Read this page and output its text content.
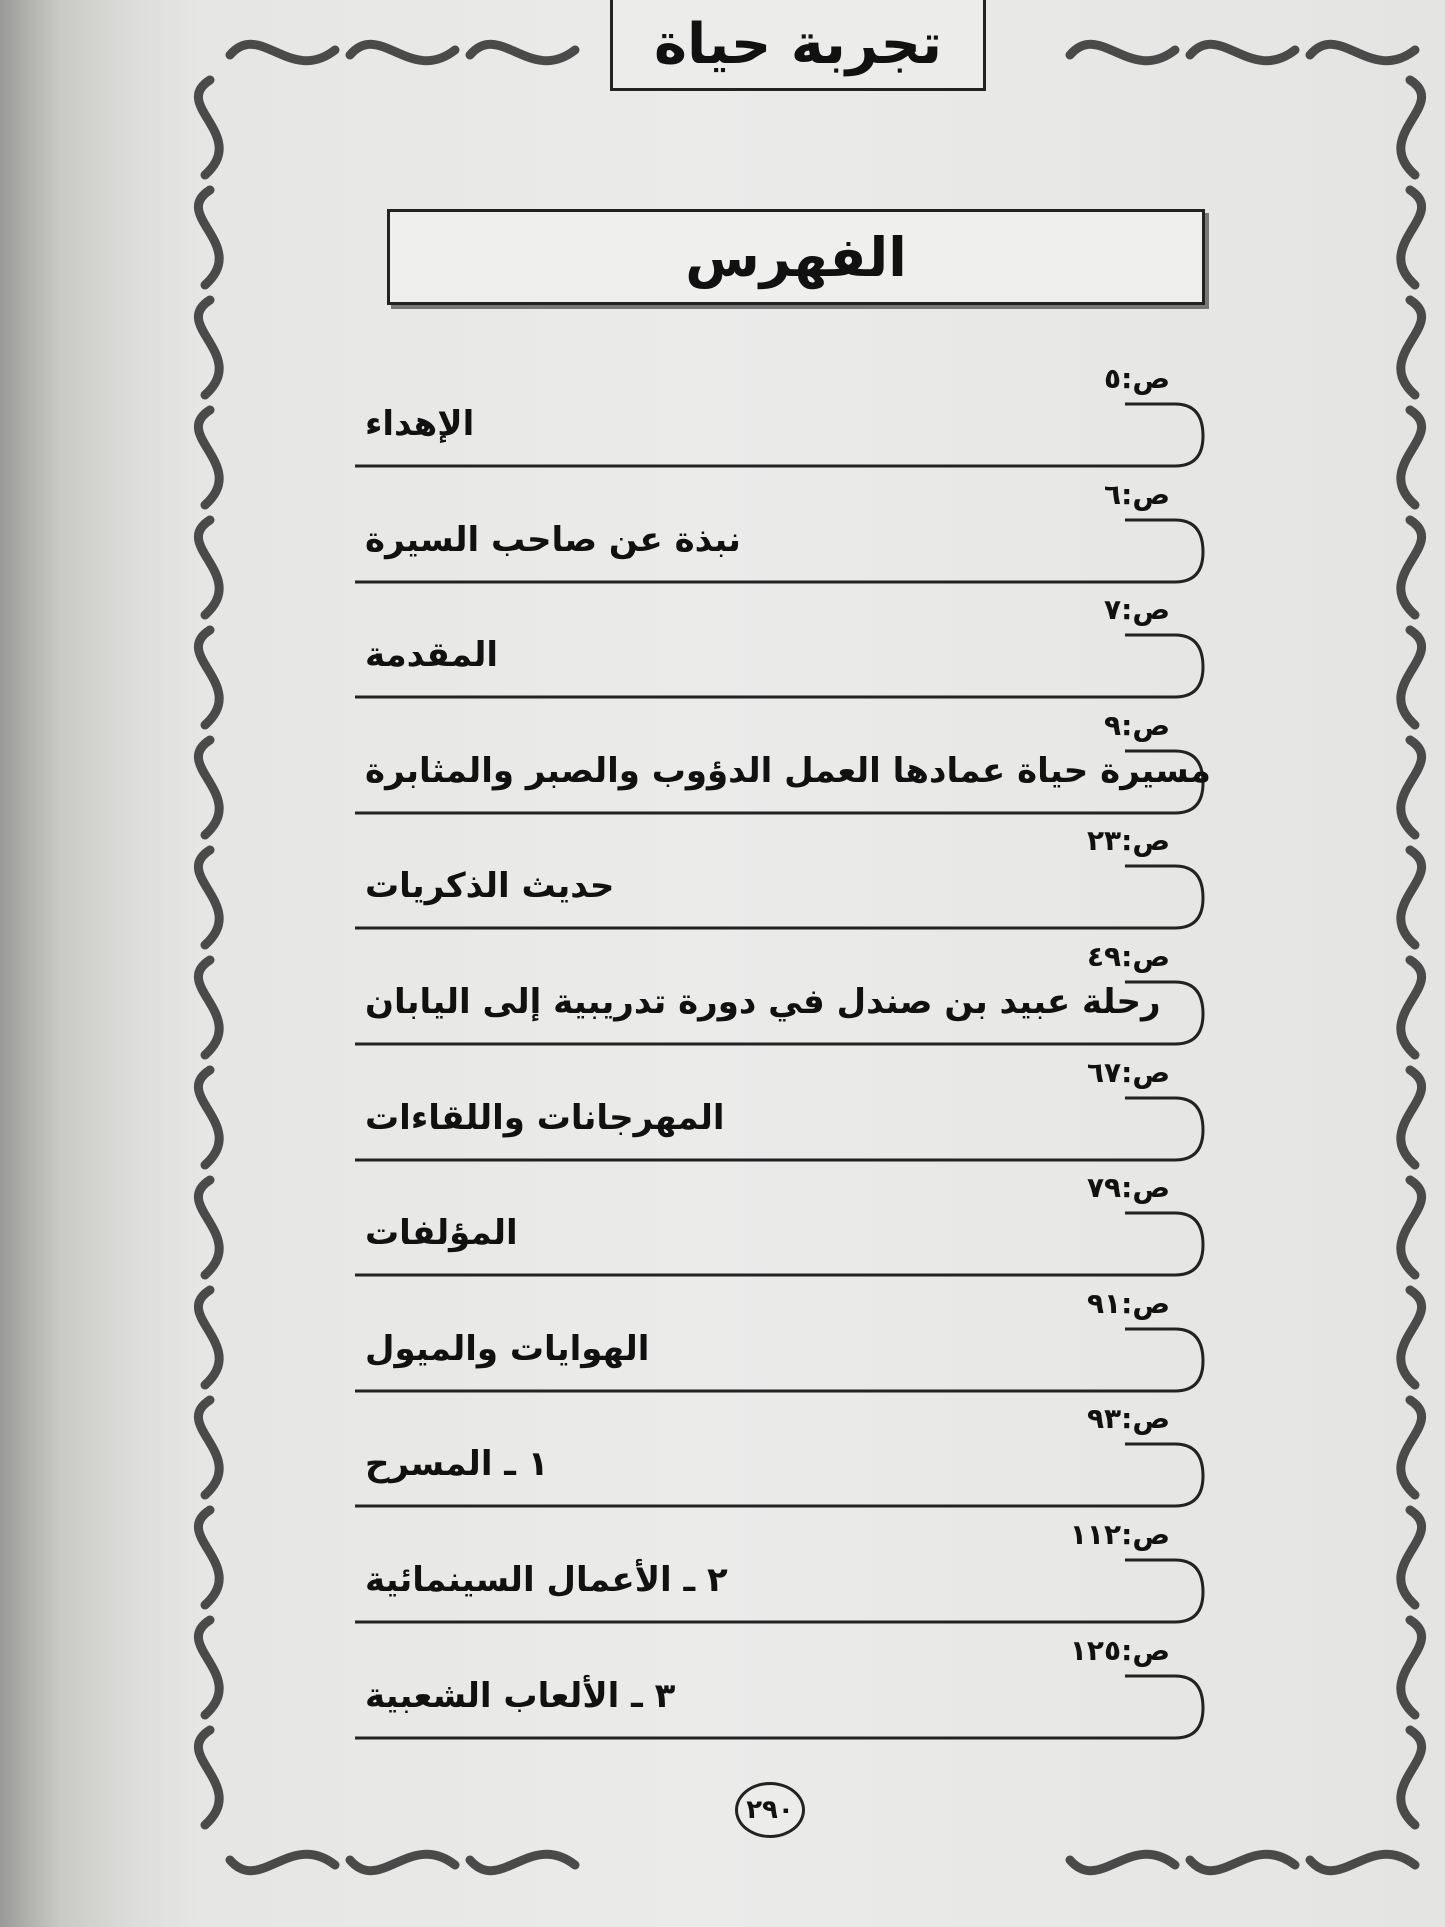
تجربة حياة
الفهرس
ص:٥
الإهداء
ص:٦
نبذة عن صاحب السيرة
ص:٧
المقدمة
ص:٩
مسيرة حياة عمادها العمل الدؤوب والصبر والمثابرة
ص:٢٣
حديث الذكريات
ص:٤٩
رحلة عبيد بن صندل في دورة تدريبية إلى اليابان
ص:٦٧
المهرجانات واللقاءات
ص:٧٩
المؤلفات
ص:٩١
الهوايات والميول
ص:٩٣
١ ـ المسرح
ص:١١٢
٢ ـ الأعمال السينمائية
ص:١٢٥
٣ ـ الألعاب الشعبية
٢٩٠
